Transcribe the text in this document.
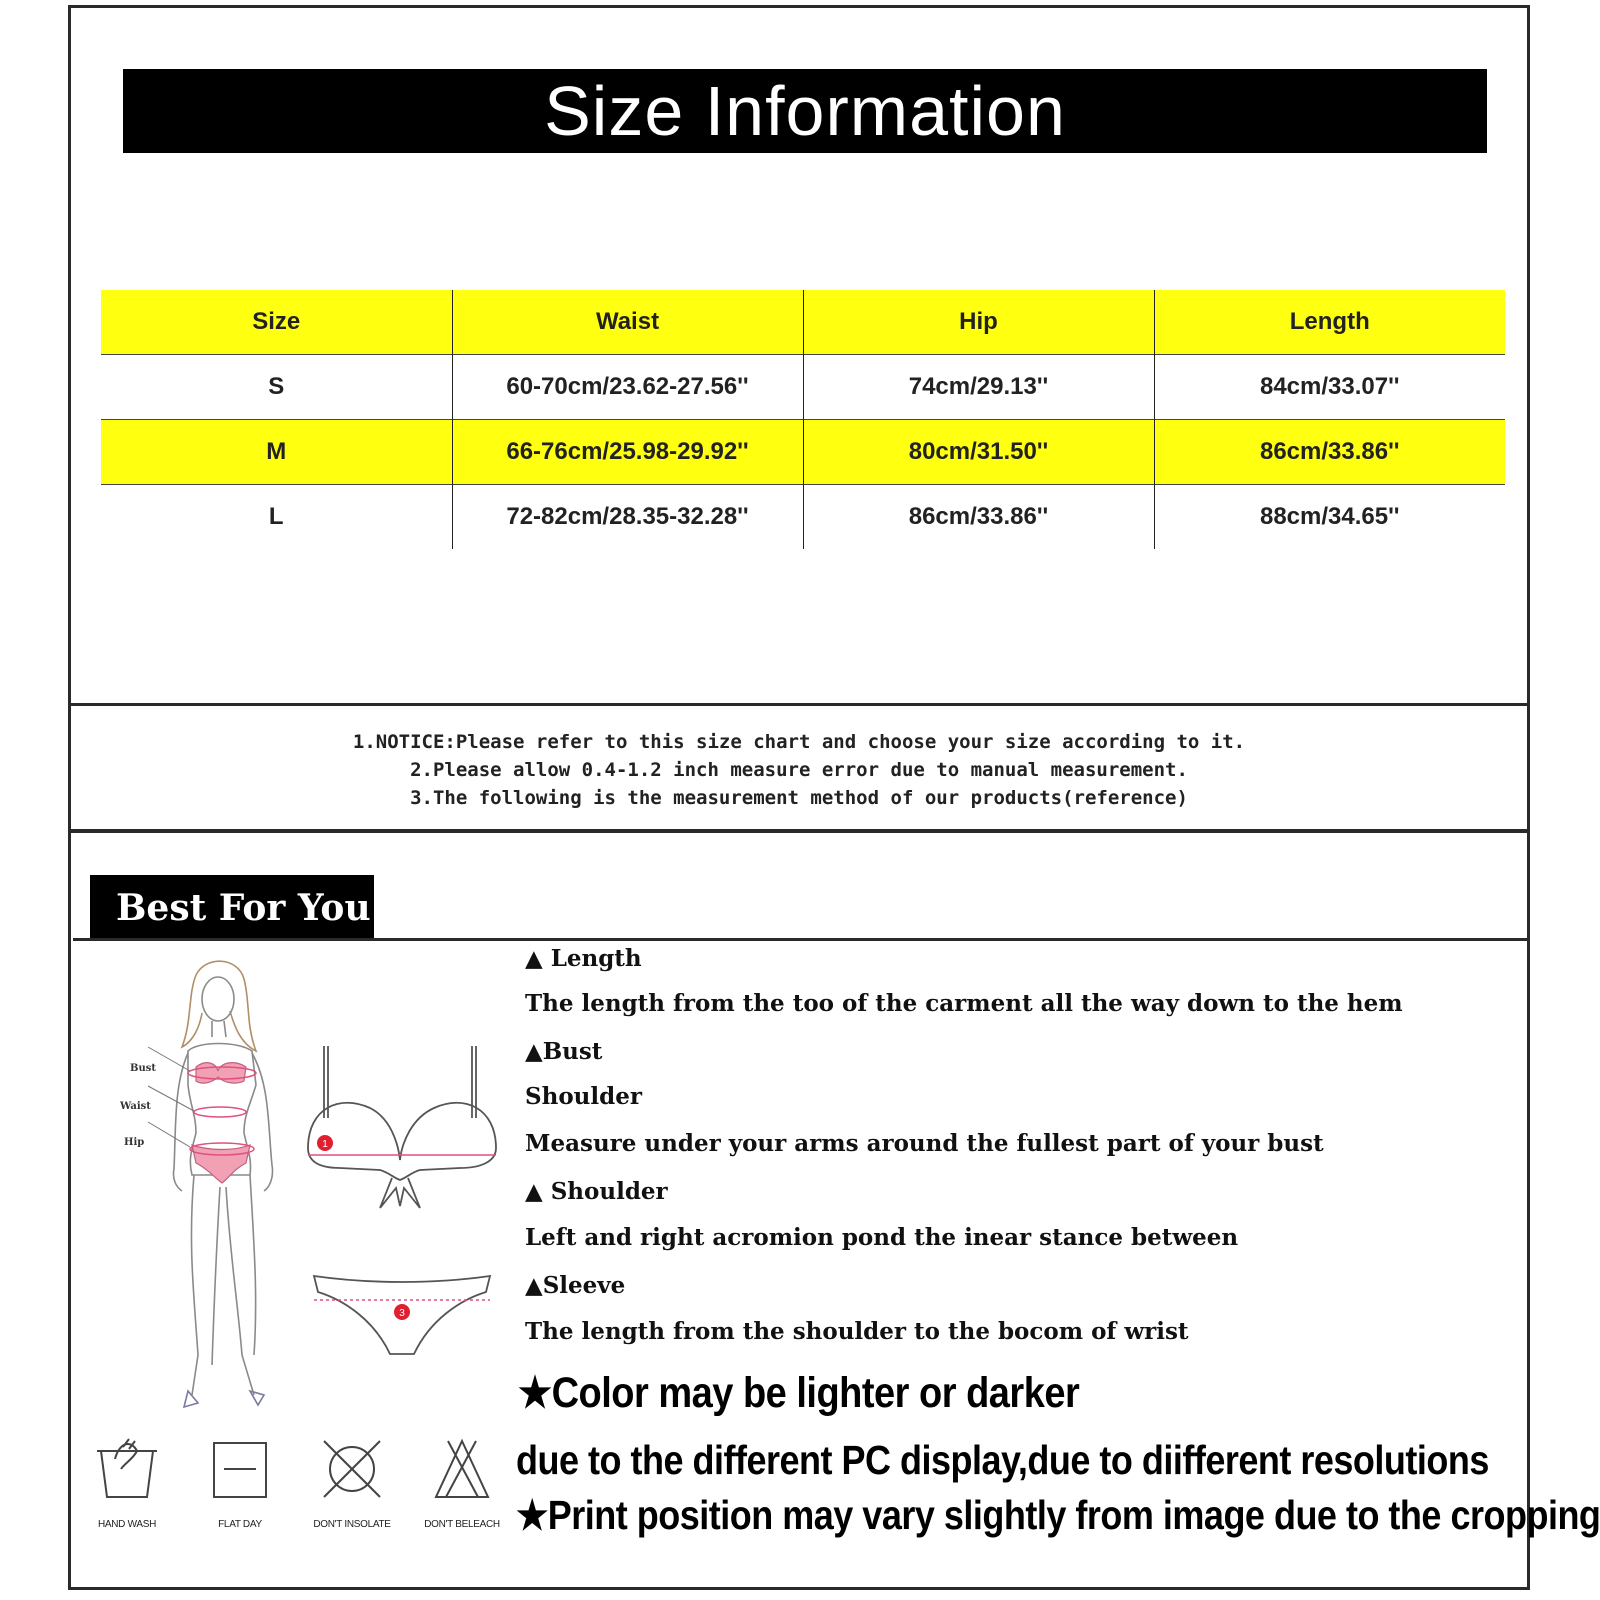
Size Information
Size	Waist	Hip	Length
S	60-70cm/23.62-27.56''	74cm/29.13''	84cm/33.07''
M	66-76cm/25.98-29.92''	80cm/31.50''	86cm/33.86''
L	72-82cm/28.35-32.28''	86cm/33.86''	88cm/34.65''
1.NOTICE:Please refer to this size chart and choose your size according to it.
2.Please allow 0.4-1.2 inch measure error due to manual measurement.
3.The following is the measurement method of our products(reference)
Best For You
Bust
Waist
Hip	1
3
▲ Length
The length from the too of the carment all the way down to the hem
▲Bust
Shoulder
Measure under your arms around the fullest part of your bust
▲ Shoulder
Left and right acromion pond the inear stance between
▲Sleeve
The length from the shoulder to the bocom of wrist
★Color may be lighter or darker
due to the different PC display,due to diifferent resolutions
★Print position may vary slightly from image due to the cropping
HAND WASH	FLAT DAY	DON'T INSOLATE	DON'T BELEACH
